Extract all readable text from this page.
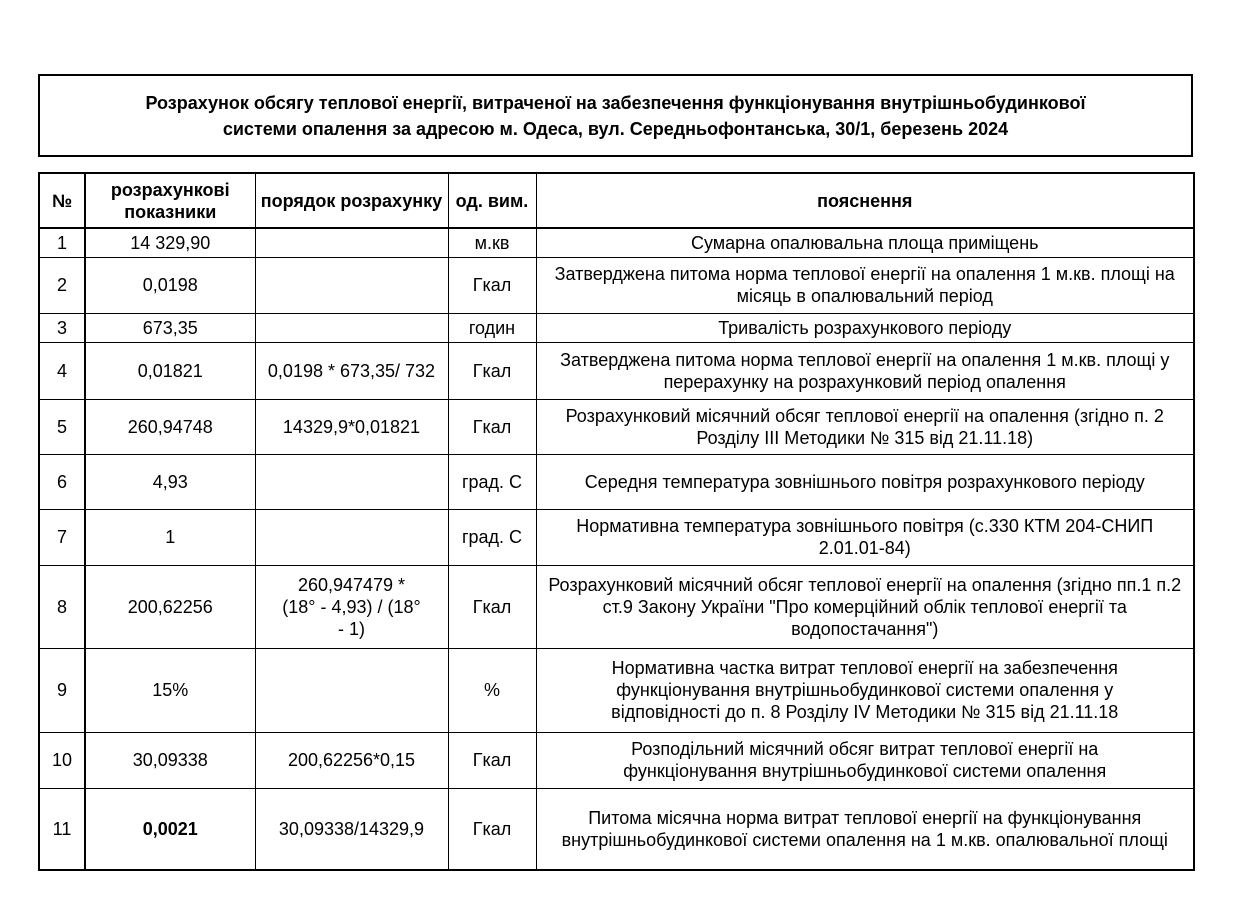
Розрахунок обсягу теплової енергії, витраченої на забезпечення функціонування внутрішньобудинкової
системи опалення за адресою м. Одеса, вул. Середньофонтанська, 30/1, березень 2024
№	розрахункові показники	порядок розрахунку	од. вим.	пояснення
1	14 329,90		м.кв	Сумарна опалювальна площа приміщень
2	0,0198		Гкал	Затверджена питома норма теплової енергії на опалення 1 м.кв. площі на місяць в опалювальний період
3	673,35		годин	Тривалість розрахункового періоду
4	0,01821	0,0198 * 673,35/ 732	Гкал	Затверджена питома норма теплової енергії на опалення 1 м.кв. площі у перерахунку на розрахунковий період опалення
5	260,94748	14329,9*0,01821	Гкал	Розрахунковий місячний обсяг теплової енергії на опалення (згідно п. 2 Розділу ІІІ Методики № 315 від 21.11.18)
6	4,93		град. С	Середня температура зовнішнього повітря розрахункового періоду
7	1		град. С	Нормативна температура зовнішнього повітря (с.330 КТМ 204-СНИП 2.01.01-84)
8	200,62256	260,947479 * (18° - 4,93) / (18° - 1)	Гкал	Розрахунковий місячний обсяг теплової енергії на опалення (згідно пп.1 п.2 ст.9 Закону України "Про комерційний облік теплової енергії та водопостачання")
9	15%		%	Нормативна частка витрат теплової енергії на забезпечення функціонування внутрішньобудинкової системи опалення у відповідності до п. 8 Розділу IV Методики № 315 від 21.11.18
10	30,09338	200,62256*0,15	Гкал	Розподільний місячний обсяг витрат теплової енергії на функціонування внутрішньобудинкової системи опалення
11	0,0021	30,09338/14329,9	Гкал	Питома місячна норма витрат теплової енергії на функціонування внутрішньобудинкової системи опалення на 1 м.кв. опалювальної площі
